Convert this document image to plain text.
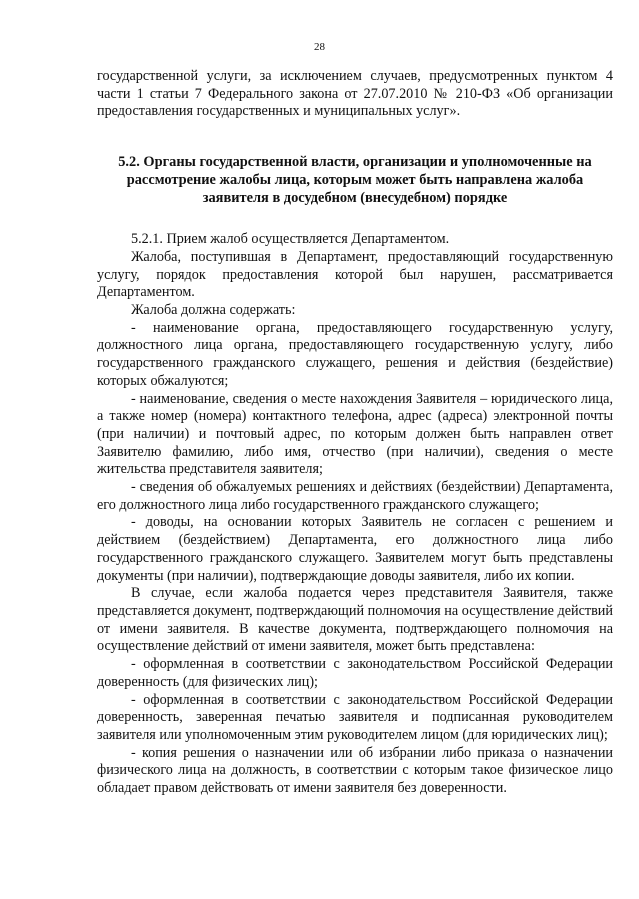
28

государственной услуги, за исключением случаев, предусмотренных пунктом 4 части 1 статьи 7 Федерального закона от 27.07.2010 № 210-ФЗ «Об организации предоставления государственных и муниципальных услуг».

5.2. Органы государственной власти, организации и уполномоченные на
рассмотрение жалобы лица, которым может быть направлена жалоба
заявителя в досудебном (внесудебном) порядке

5.2.1. Прием жалоб осуществляется Департаментом.

Жалоба, поступившая в Департамент, предоставляющий государственную услугу, порядок предоставления которой был нарушен, рассматривается Департаментом.

Жалоба должна содержать:

- наименование органа, предоставляющего государственную услугу, должностного лица органа, предоставляющего государственную услугу, либо государственного гражданского служащего, решения и действия (бездействие) которых обжалуются;

- наименование, сведения о месте нахождения Заявителя – юридического лица, а также номер (номера) контактного телефона, адрес (адреса) электронной почты (при наличии) и почтовый адрес, по которым должен быть направлен ответ Заявителю фамилию, либо имя, отчество (при наличии), сведения о месте жительства представителя заявителя;

- сведения об обжалуемых решениях и действиях (бездействии) Департамента, его должностного лица либо государственного гражданского служащего;

- доводы, на основании которых Заявитель не согласен с решением и действием (бездействием) Департамента, его должностного лица либо государственного гражданского служащего. Заявителем могут быть представлены документы (при наличии), подтверждающие доводы заявителя, либо их копии.

В случае, если жалоба подается через представителя Заявителя, также представляется документ, подтверждающий полномочия на осуществление действий от имени заявителя. В качестве документа, подтверждающего полномочия на осуществление действий от имени заявителя, может быть представлена:

- оформленная в соответствии с законодательством Российской Федерации доверенность (для физических лиц);

- оформленная в соответствии с законодательством Российской Федерации доверенность, заверенная печатью заявителя и подписанная руководителем заявителя или уполномоченным этим руководителем лицом (для юридических лиц);

- копия решения о назначении или об избрании либо приказа о назначении физического лица на должность, в соответствии с которым такое физическое лицо обладает правом действовать от имени заявителя без доверенности.
